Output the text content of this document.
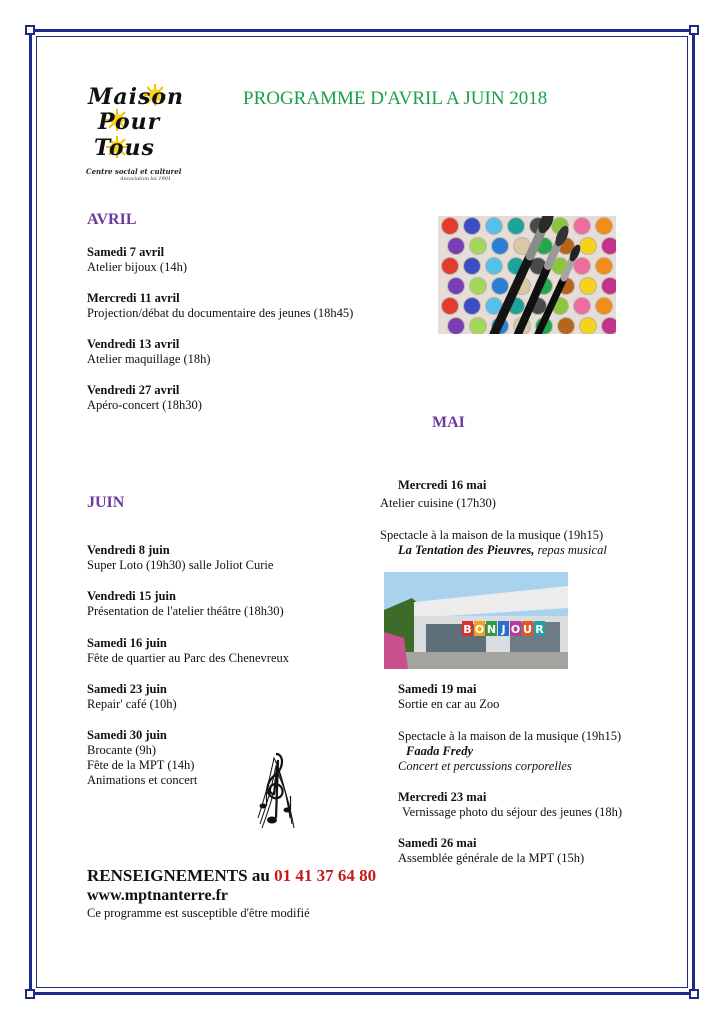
Maison
Pour
Tous
Centre social et culturel
Association loi 1901
PROGRAMME D'AVRIL A JUIN 2018
AVRIL
Samedi 7 avril
Atelier bijoux (14h)
Mercredi 11 avril
Projection/débat du documentaire des jeunes (18h45)
Vendredi 13 avril
Atelier maquillage (18h)
Vendredi 27 avril
Apéro-concert (18h30)
MAI
Mercredi 16 mai
Atelier cuisine (17h30)
Spectacle à la maison de la musique (19h15)
La Tentation des Pieuvres, repas musical
B O N J O U R
Samedi 19 mai
Sortie en car au Zoo
Spectacle à la maison de la musique (19h15)
Faada Fredy
Concert et percussions corporelles
Mercredi 23 mai
Vernissage photo du séjour des jeunes (18h)
Samedi 26 mai
Assemblée générale de la MPT (15h)
JUIN
Vendredi 8 juin
Super Loto (19h30) salle Joliot Curie
Vendredi 15 juin
Présentation de l'atelier théâtre (18h30)
Samedi 16 juin
Fête de quartier au Parc des Chenevreux
Samedi 23 juin
Repair' café (10h)
Samedi 30 juin
Brocante (9h)
Fête de la MPT (14h)
Animations et concert
RENSEIGNEMENTS au 01 41 37 64 80
www.mptnanterre.fr
Ce programme est susceptible d'être modifié
